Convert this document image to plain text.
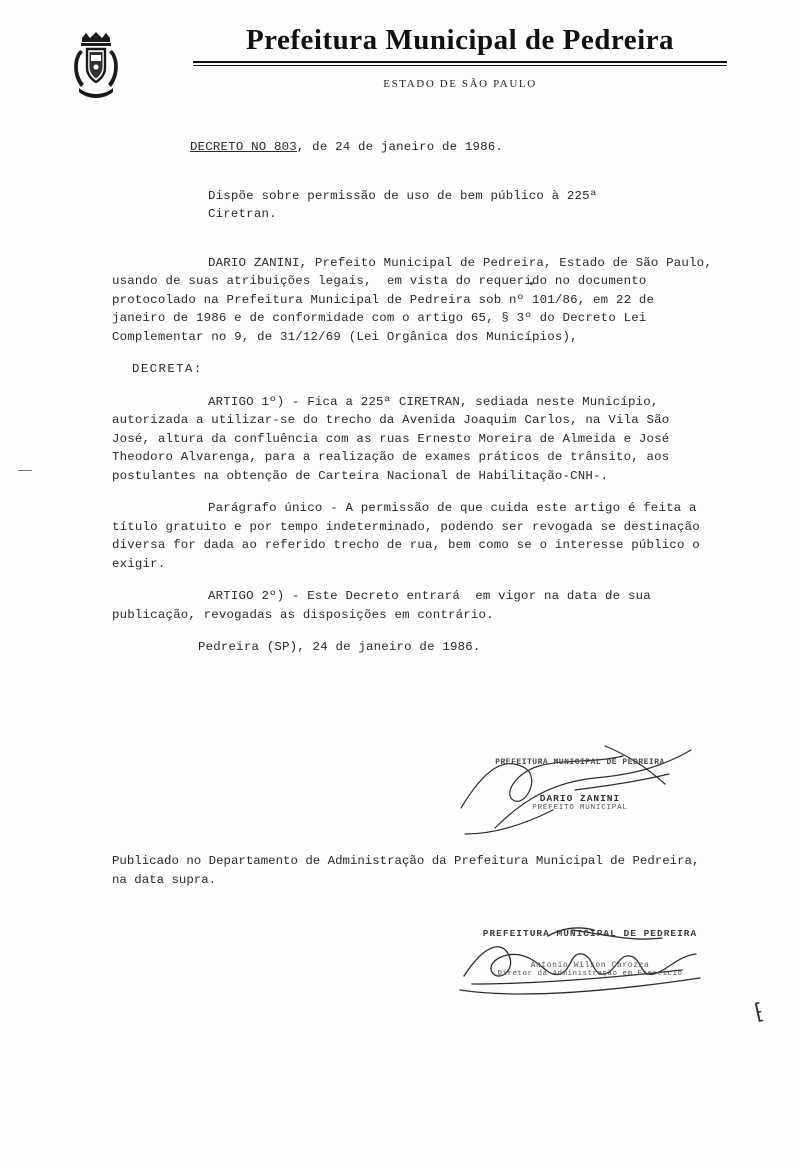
Prefeitura Municipal de Pedreira
ESTADO DE SÃO PAULO
DECRETO NO 803, de 24 de janeiro de 1986.
Dispõe sobre permissão de uso de bem público à 225ª Ciretran.
DARIO ZANINI, Prefeito Municipal de Pedreira, Estado de São Paulo, usando de suas atribuições legais,  em vista do requerido no documento protocolado na Prefeitura Municipal de Pedreira sob nº 101/86, em 22 de janeiro de 1986 e de conformidade com o artigo 65, § 3º do Decreto Lei Complementar no 9, de 31/12/69 (Lei Orgânica dos Municípios),
DECRETA:
ARTIGO 1º) - Fica a 225ª CIRETRAN, sediada neste Município, autorizada a utilizar-se do trecho da Avenida Joaquim Carlos, na Vila São José, altura da confluência com as ruas Ernesto Moreira de Almeida e José Theodoro Alvarenga, para a realização de exames práticos de trânsito, aos postulantes na obtenção de Carteira Nacional de Habilitação-CNH-.
Parágrafo único - A permissão de que cuida este artigo é feita a título gratuito e por tempo indeterminado, podendo ser revogada se destinação diversa for dada ao referido trecho de rua, bem como se o interesse público o exigir.
ARTIGO 2º) - Este Decreto entrará  em vigor na data de sua publicação, revogadas as disposições em contrário.
Pedreira (SP), 24 de janeiro de 1986.
PREFEITURA MUNICIPAL DE PEDREIRA
DARIO ZANINI
PREFEITO MUNICIPAL
Publicado no Departamento de Administração da Prefeitura Municipal de Pedreira, na data supra.
PREFEITURA MUNICIPAL DE PEDREIRA
Antonio Wilson Carozza
Diretor da Administração em Exercício
⁅
